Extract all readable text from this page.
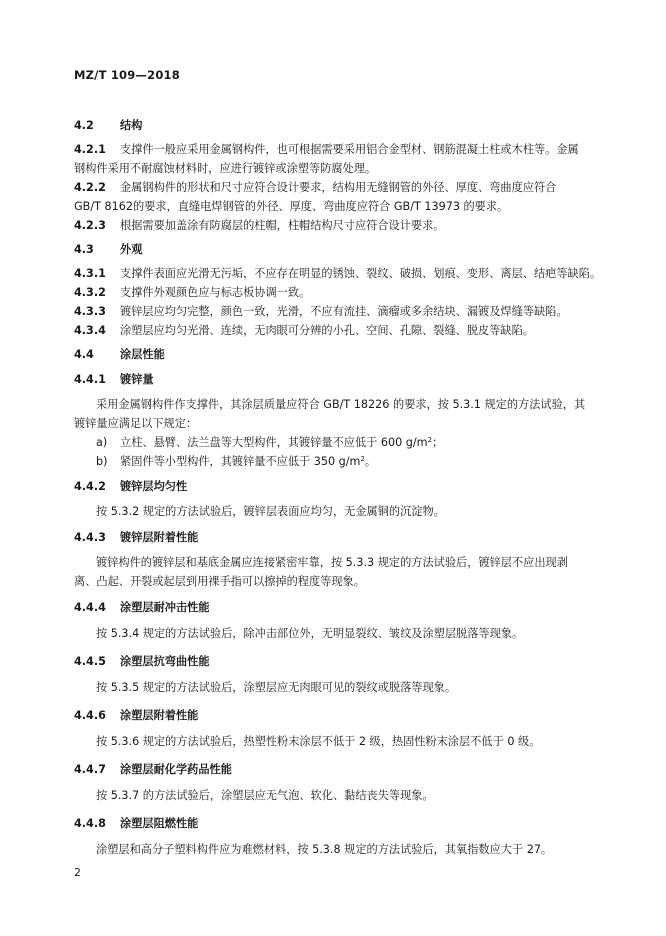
MZ/T 109—2018
4.2 结构
4.2.1 支撑件一般应采用金属钢构件，也可根据需要采用铝合金型材、钢筋混凝土柱或木柱等。金属
钢构件采用不耐腐蚀材料时，应进行镀锌或涂塑等防腐处理。
4.2.2 金属钢构件的形状和尺寸应符合设计要求，结构用无缝钢管的外径、厚度、弯曲度应符合
GB/T 8162的要求，直缝电焊钢管的外径、厚度、弯曲度应符合 GB/T 13973 的要求。
4.2.3 根据需要加盖涂有防腐层的柱帽，柱帽结构尺寸应符合设计要求。
4.3 外观
4.3.1 支撑件表面应光滑无污垢，不应存在明显的锈蚀、裂纹、破损、划痕、变形、离层、结疤等缺陷。
4.3.2 支撑件外观颜色应与标志板协调一致。
4.3.3 镀锌层应均匀完整，颜色一致，光滑，不应有流挂、滴瘤或多余结块、漏镀及焊缝等缺陷。
4.3.4 涂塑层应均匀光滑、连续，无肉眼可分辨的小孔、空间、孔隙、裂缝、脱皮等缺陷。
4.4 涂层性能
4.4.1 镀锌量
采用金属钢构件作支撑件，其涂层质量应符合 GB/T 18226 的要求，按 5.3.1 规定的方法试验，其
镀锌量应满足以下规定：
a) 立柱、悬臂、法兰盘等大型构件，其镀锌量不应低于 600 $g/m^2$；
b) 紧固件等小型构件，其镀锌量不应低于 350 $g/m^2$。
4.4.2 镀锌层均匀性
按 5.3.2 规定的方法试验后，镀锌层表面应均匀，无金属铜的沉淀物。
4.4.3 镀锌层附着性能
镀锌构件的镀锌层和基底金属应连接紧密牢靠，按 5.3.3 规定的方法试验后，镀锌层不应出现剥
离、凸起、开裂或起层到用裸手指可以擦掉的程度等现象。
4.4.4 涂塑层耐冲击性能
按 5.3.4 规定的方法试验后，除冲击部位外，无明显裂纹、皱纹及涂塑层脱落等现象。
4.4.5 涂塑层抗弯曲性能
按 5.3.5 规定的方法试验后，涂塑层应无肉眼可见的裂纹或脱落等现象。
4.4.6 涂塑层附着性能
按 5.3.6 规定的方法试验后，热塑性粉末涂层不低于 2 级，热固性粉末涂层不低于 0 级。
4.4.7 涂塑层耐化学药品性能
按 5.3.7 的方法试验后，涂塑层应无气泡、软化、黏结丧失等现象。
4.4.8 涂塑层阻燃性能
涂塑层和高分子塑料构件应为难燃材料，按 5.3.8 规定的方法试验后，其氧指数应大于 27。
2
